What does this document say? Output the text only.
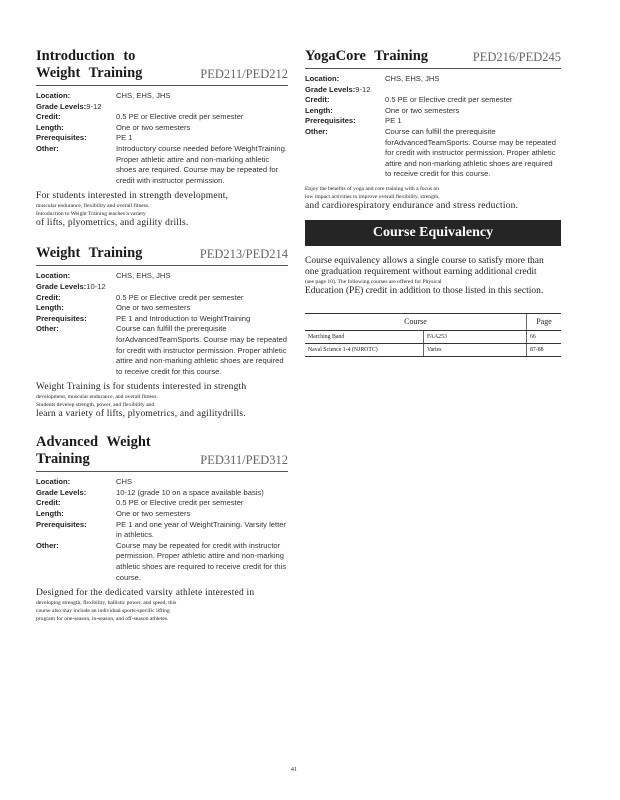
Introduction to
Weight Training	PED211/PED212
Location:	CHS, EHS, JHS
Grade Levels: 9-12
Credit:	0.5 PE or Elective credit per semester
Length:	One or two semesters
Prerequisites:	PE 1
Other:	Introductory course needed before WeightTraining. Proper athletic attire and non-marking athletic shoes are required. Course may be repeated for credit with instructor permission.
For students interested in strength development,
muscular endurance, flexibility and overall fitness.
Introduction to Weight Training teaches a variety
of lifts, plyometrics, and agility drills.
Weight Training	PED213/PED214
Location:	CHS, EHS, JHS
Grade Levels: 10-12
Credit:	0.5 PE or Elective credit per semester
Length:	One or two semesters
Prerequisites:	PE 1 and Introduction to WeightTraining
Other:	Course can fulfill the prerequisite forAdvancedTeamSports. Course may be repeated for credit with instructor permission. Proper athletic attire and non-marking athletic shoes are required to receive credit for this course.
Weight Training is for students interested in strength
development, muscular endurance, and overall fitness.
Students develop strength, power, and flexibility and
learn a variety of lifts, plyometrics, and agilitydrills.
Advanced Weight Training	PED311/PED312
Location:	CHS
Grade Levels:	10-12 (grade 10 on a space available basis)
Credit:	0.5 PE or Elective credit per semester
Length:	One or two semesters
Prerequisites:	PE 1 and one year of WeightTraining. Varsity letter in athletics.
Other:	Course may be repeated for credit with instructor permission. Proper athletic attire and non-marking athletic shoes are required to receive credit for this course.
Designed for the dedicated varsity athlete interested in
developing strength, flexibility, ballistic power, and speed, this
course also may include an individual sports-specific lifting
program for one-season, in-season, and off-season athletes.
YogaCore Training	PED216/PED245
Location:	CHS, EHS, JHS
Grade Levels: 9-12
Credit:	0.5 PE or Elective credit per semester
Length:	One or two semesters
Prerequisites:	PE 1
Other:	Course can fulfill the prerequisite forAdvancedTeamSports. Course may be repeated for credit with instructor permission. Proper athletic attire and non-marking athletic shoes are required to receive credit for this course.
Enjoy the benefits of yoga and core training with a focus on
low impact activities to improve overall flexibility, strength,
and cardiorespiratory endurance and stress reduction.
Course Equivalency
Course equivalency allows a single course to satisfy more than
one graduation requirement without earning additional credit
(see page 10). The following courses are offered for Physical
Education (PE) credit in addition to those listed in this section.
Course		Page
Marching Band	FAA253	66
Naval Science 1-4 (NJROTC)	Varies	87-88
41
